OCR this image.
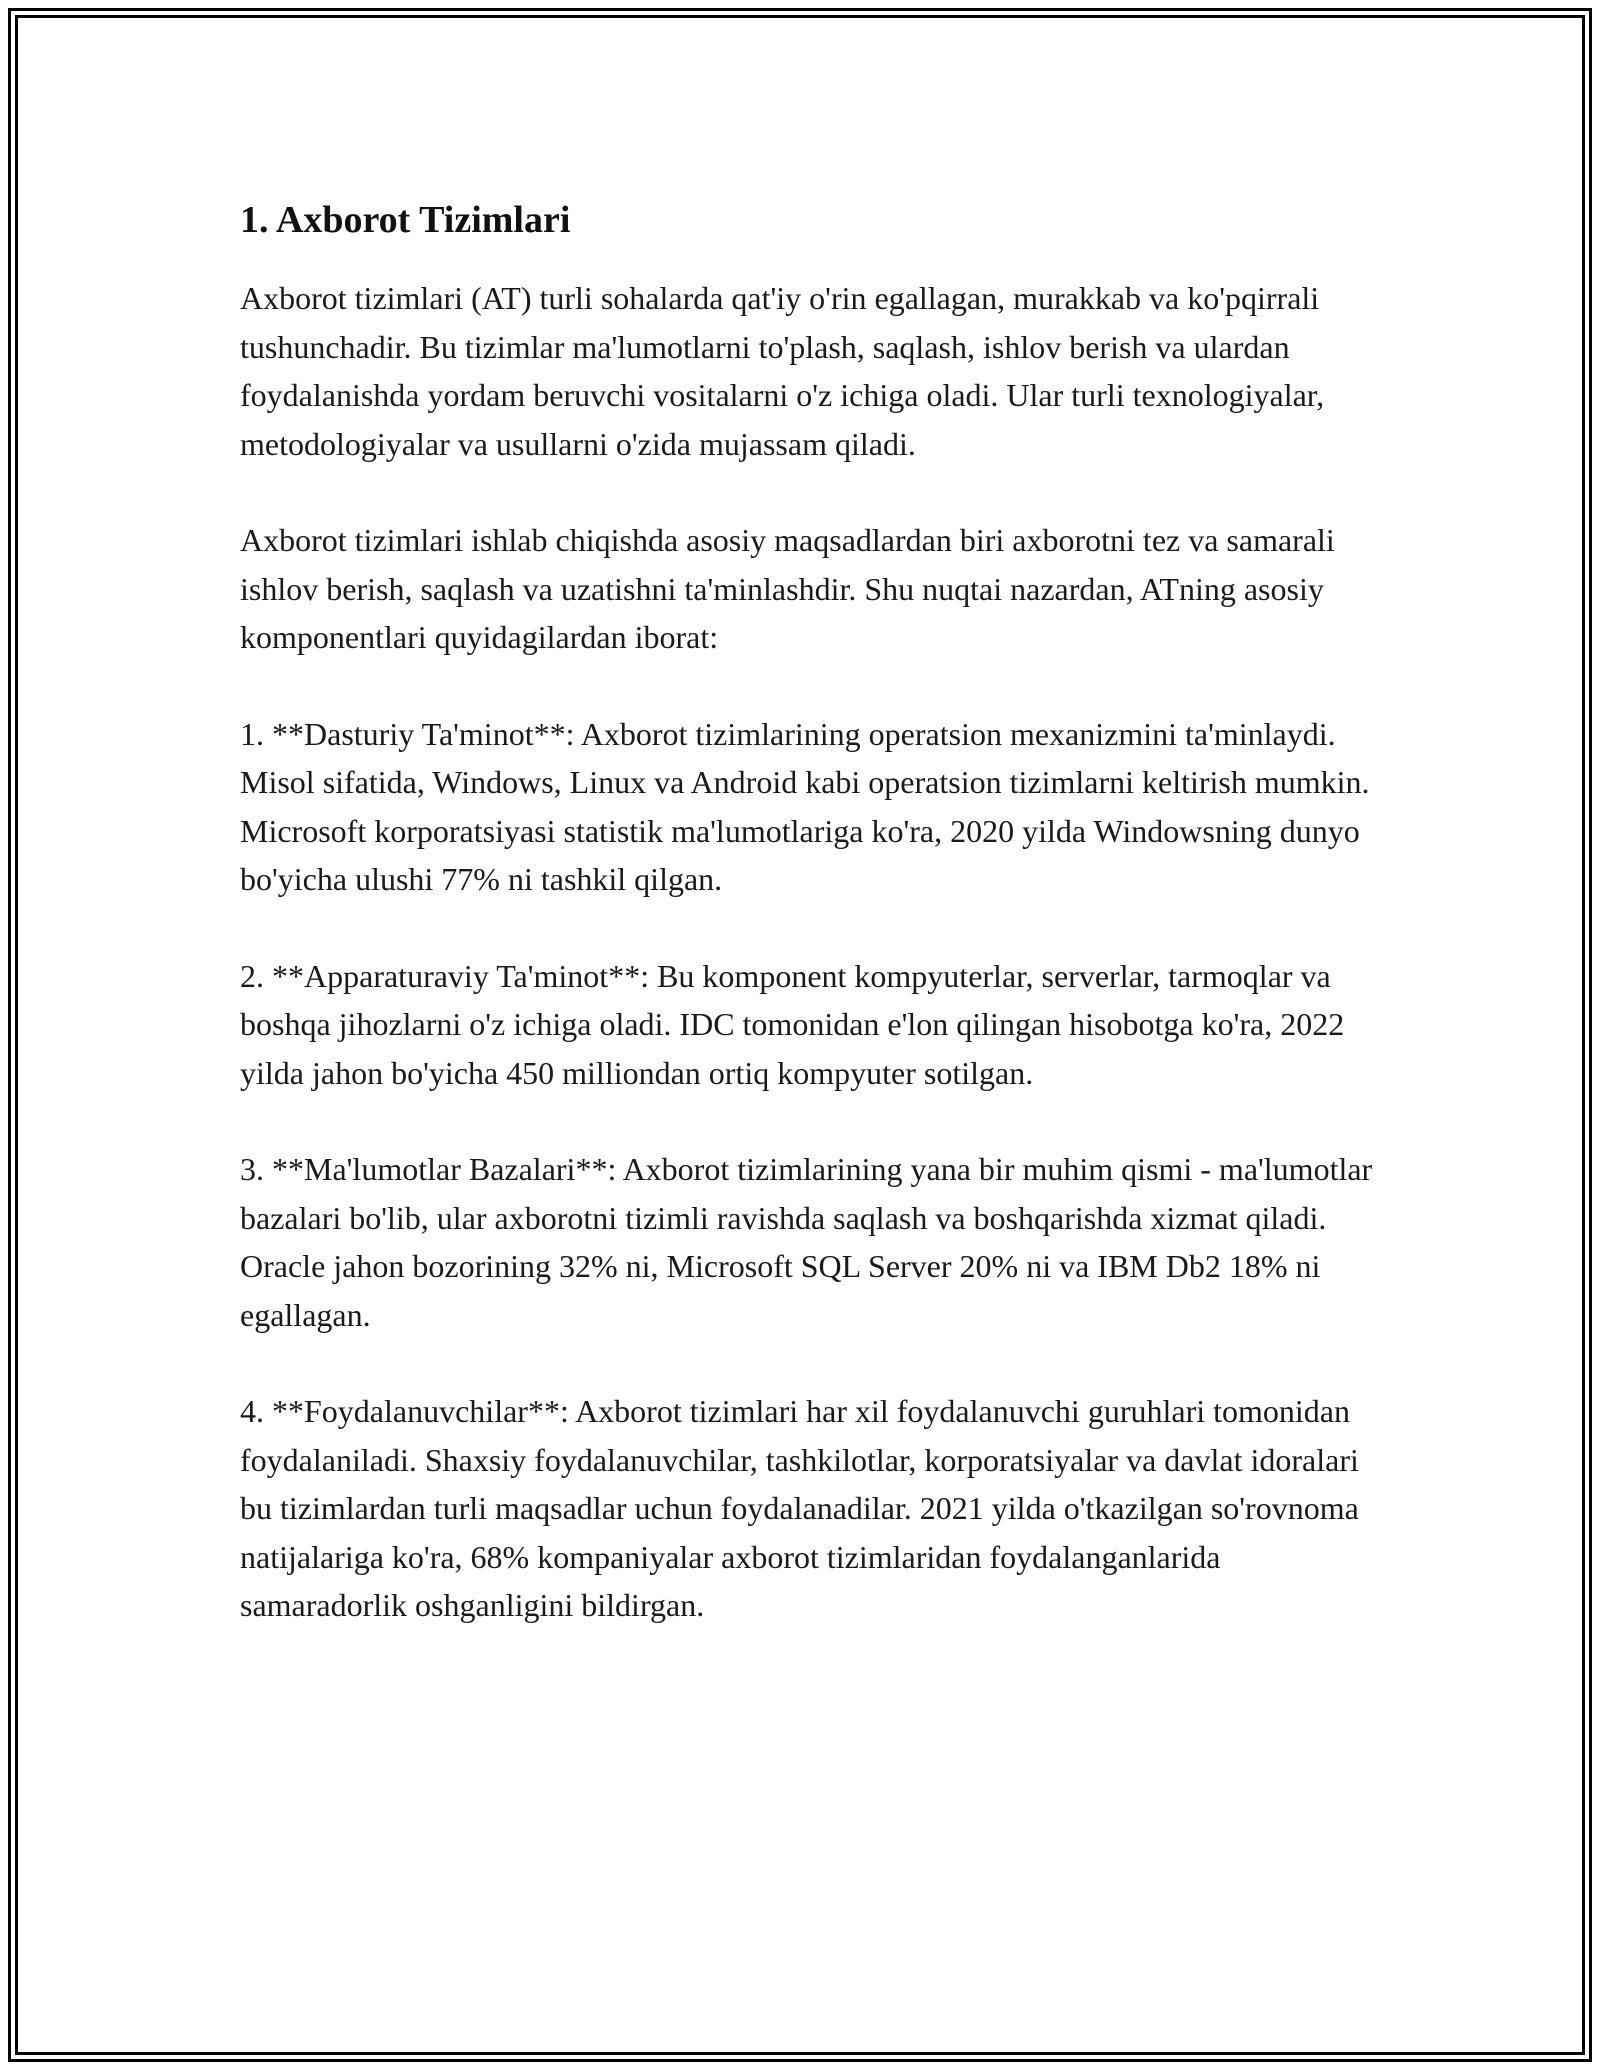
1. Axborot Tizimlari

Axborot tizimlari (AT) turli sohalarda qat'iy o'rin egallagan, murakkab va ko'pqirrali tushunchadir. Bu tizimlar ma'lumotlarni to'plash, saqlash, ishlov berish va ulardan foydalanishda yordam beruvchi vositalarni o'z ichiga oladi. Ular turli texnologiyalar, metodologiyalar va usullarni o'zida mujassam qiladi.

Axborot tizimlari ishlab chiqishda asosiy maqsadlardan biri axborotni tez va samarali ishlov berish, saqlash va uzatishni ta'minlashdir. Shu nuqtai nazardan, ATning asosiy komponentlari quyidagilardan iborat:

1. **Dasturiy Ta'minot**: Axborot tizimlarining operatsion mexanizmini ta'minlaydi. Misol sifatida, Windows, Linux va Android kabi operatsion tizimlarni keltirish mumkin. Microsoft korporatsiyasi statistik ma'lumotlariga ko'ra, 2020 yilda Windowsning dunyo bo'yicha ulushi 77% ni tashkil qilgan.

2. **Apparaturaviy Ta'minot**: Bu komponent kompyuterlar, serverlar, tarmoqlar va boshqa jihozlarni o'z ichiga oladi. IDC tomonidan e'lon qilingan hisobotga ko'ra, 2022 yilda jahon bo'yicha 450 milliondan ortiq kompyuter sotilgan.

3. **Ma'lumotlar Bazalari**: Axborot tizimlarining yana bir muhim qismi - ma'lumotlar bazalari bo'lib, ular axborotni tizimli ravishda saqlash va boshqarishda xizmat qiladi. Oracle jahon bozorining 32% ni, Microsoft SQL Server 20% ni va IBM Db2 18% ni egallagan.

4. **Foydalanuvchilar**: Axborot tizimlari har xil foydalanuvchi guruhlari tomonidan foydalaniladi. Shaxsiy foydalanuvchilar, tashkilotlar, korporatsiyalar va davlat idoralari bu tizimlardan turli maqsadlar uchun foydalanadilar. 2021 yilda o'tkazilgan so'rovnoma natijalariga ko'ra, 68% kompaniyalar axborot tizimlaridan foydalanganlarida samaradorlik oshganligini bildirgan.
